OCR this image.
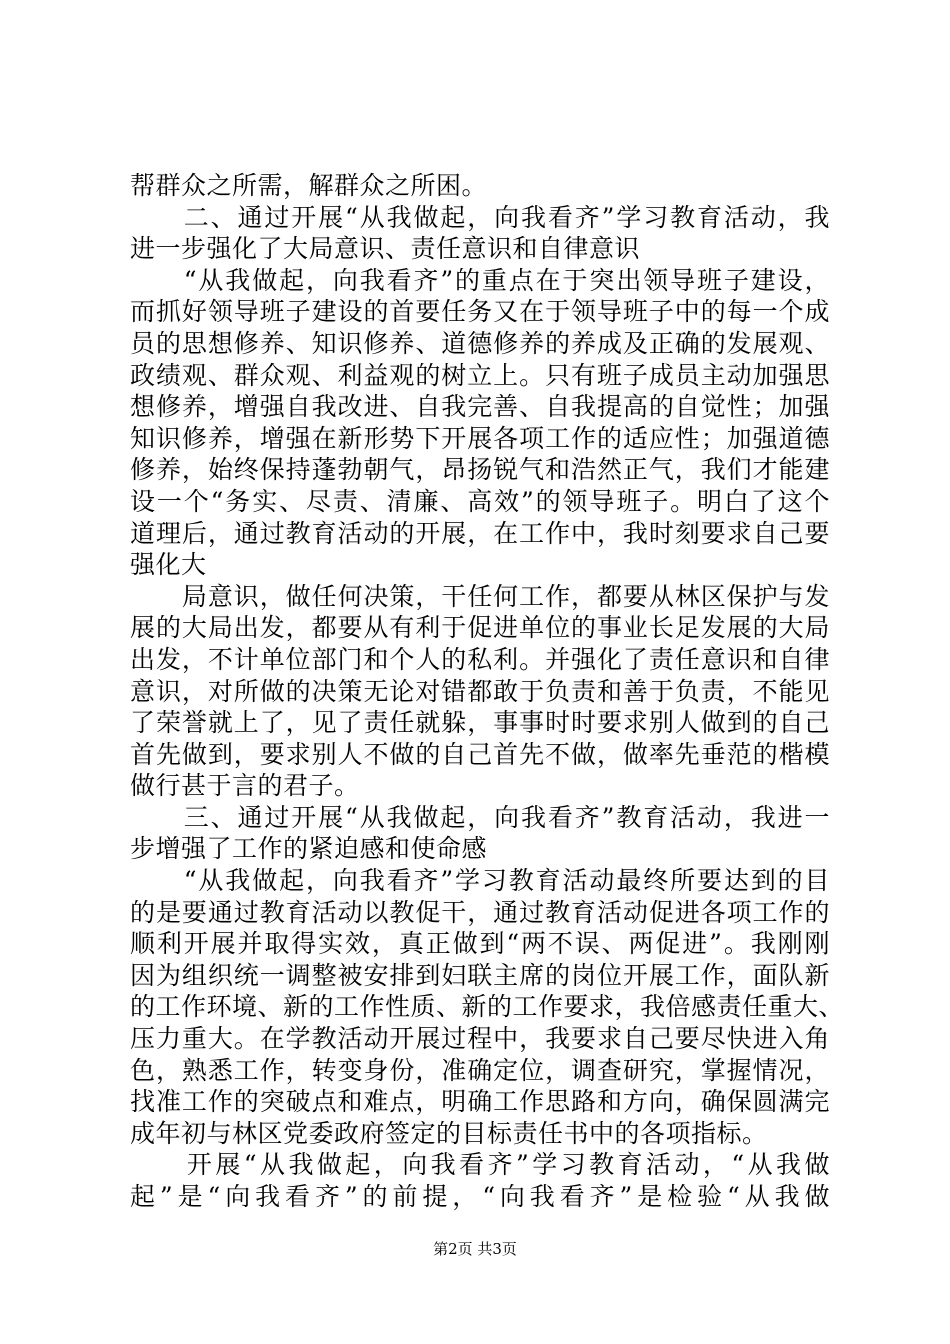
帮群众之所需，解群众之所困。
　　二、通过开展“从我做起，向我看齐”学习教育活动，我
进一步强化了大局意识、责任意识和自律意识
　　“从我做起，向我看齐”的重点在于突出领导班子建设，
而抓好领导班子建设的首要任务又在于领导班子中的每一个成
员的思想修养、知识修养、道德修养的养成及正确的发展观、
政绩观、群众观、利益观的树立上。只有班子成员主动加强思
想修养，增强自我改进、自我完善、自我提高的自觉性；加强
知识修养，增强在新形势下开展各项工作的适应性；加强道德
修养，始终保持蓬勃朝气，昂扬锐气和浩然正气，我们才能建
设一个“务实、尽责、清廉、高效”的领导班子。明白了这个
道理后，通过教育活动的开展，在工作中，我时刻要求自己要
强化大
　　局意识，做任何决策，干任何工作，都要从林区保护与发
展的大局出发，都要从有利于促进单位的事业长足发展的大局
出发，不计单位部门和个人的私利。并强化了责任意识和自律
意识，对所做的决策无论对错都敢于负责和善于负责，不能见
了荣誉就上了，见了责任就躲，事事时时要求别人做到的自己
首先做到，要求别人不做的自己首先不做，做率先垂范的楷模
做行甚于言的君子。
　　三、通过开展“从我做起，向我看齐”教育活动，我进一
步增强了工作的紧迫感和使命感
　　“从我做起，向我看齐”学习教育活动最终所要达到的目
的是要通过教育活动以教促干，通过教育活动促进各项工作的
顺利开展并取得实效，真正做到“两不误、两促进”。我刚刚
因为组织统一调整被安排到妇联主席的岗位开展工作，面队新
的工作环境、新的工作性质、新的工作要求，我倍感责任重大、
压力重大。在学教活动开展过程中，我要求自己要尽快进入角
色，熟悉工作，转变身份，准确定位，调查研究，掌握情况，
找准工作的突破点和难点，明确工作思路和方向，确保圆满完
成年初与林区党委政府签定的目标责任书中的各项指标。
　　开展“从我做起，向我看齐”学习教育活动，“从我做
起”是“向我看齐”的前提，“向我看齐”是检验“从我做
第2页 共3页
